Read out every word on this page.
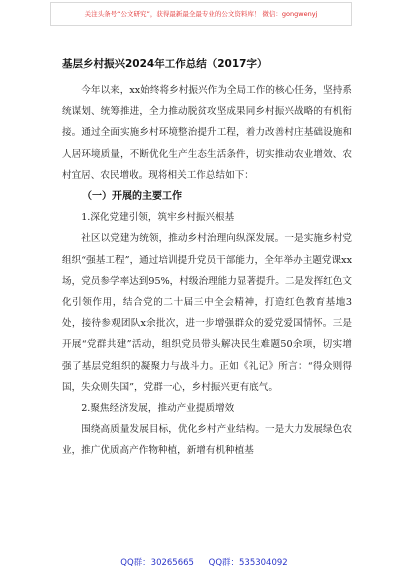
关注头条号“公文研究”，获得最新最全最专业的公文资料库！ 微信：gongwenyj
基层乡村振兴2024年工作总结（2017字）

今年以来，xx始终将乡村振兴作为全局工作的核心任务，坚持系统谋划、统筹推进，全力推动脱贫攻坚成果同乡村振兴战略的有机衔接。通过全面实施乡村环境整治提升工程，着力改善村庄基础设施和人居环境质量，不断优化生产生态生活条件，切实推动农业增效、农村宜居、农民增收。现将相关工作总结如下：

（一）开展的主要工作

1.深化党建引领，筑牢乡村振兴根基

社区以党建为统领，推动乡村治理向纵深发展。一是实施乡村党组织“强基工程”，通过培训提升党员干部能力，全年举办主题党课xx场，党员参学率达到95%，村级治理能力显著提升。二是发挥红色文化引领作用，结合党的二十届三中全会精神，打造红色教育基地3处，接待参观团队x余批次，进一步增强群众的爱党爱国情怀。三是开展“党群共建”活动，组织党员带头解决民生难题50余项，切实增强了基层党组织的凝聚力与战斗力。正如《礼记》所言：“得众则得国，失众则失国”，党群一心，乡村振兴更有底气。

2.聚焦经济发展，推动产业提质增效

围绕高质量发展目标，优化乡村产业结构。一是大力发展绿色农业，推广优质高产作物种植，新增有机种植基

QQ群：30265665 QQ群：535304092
